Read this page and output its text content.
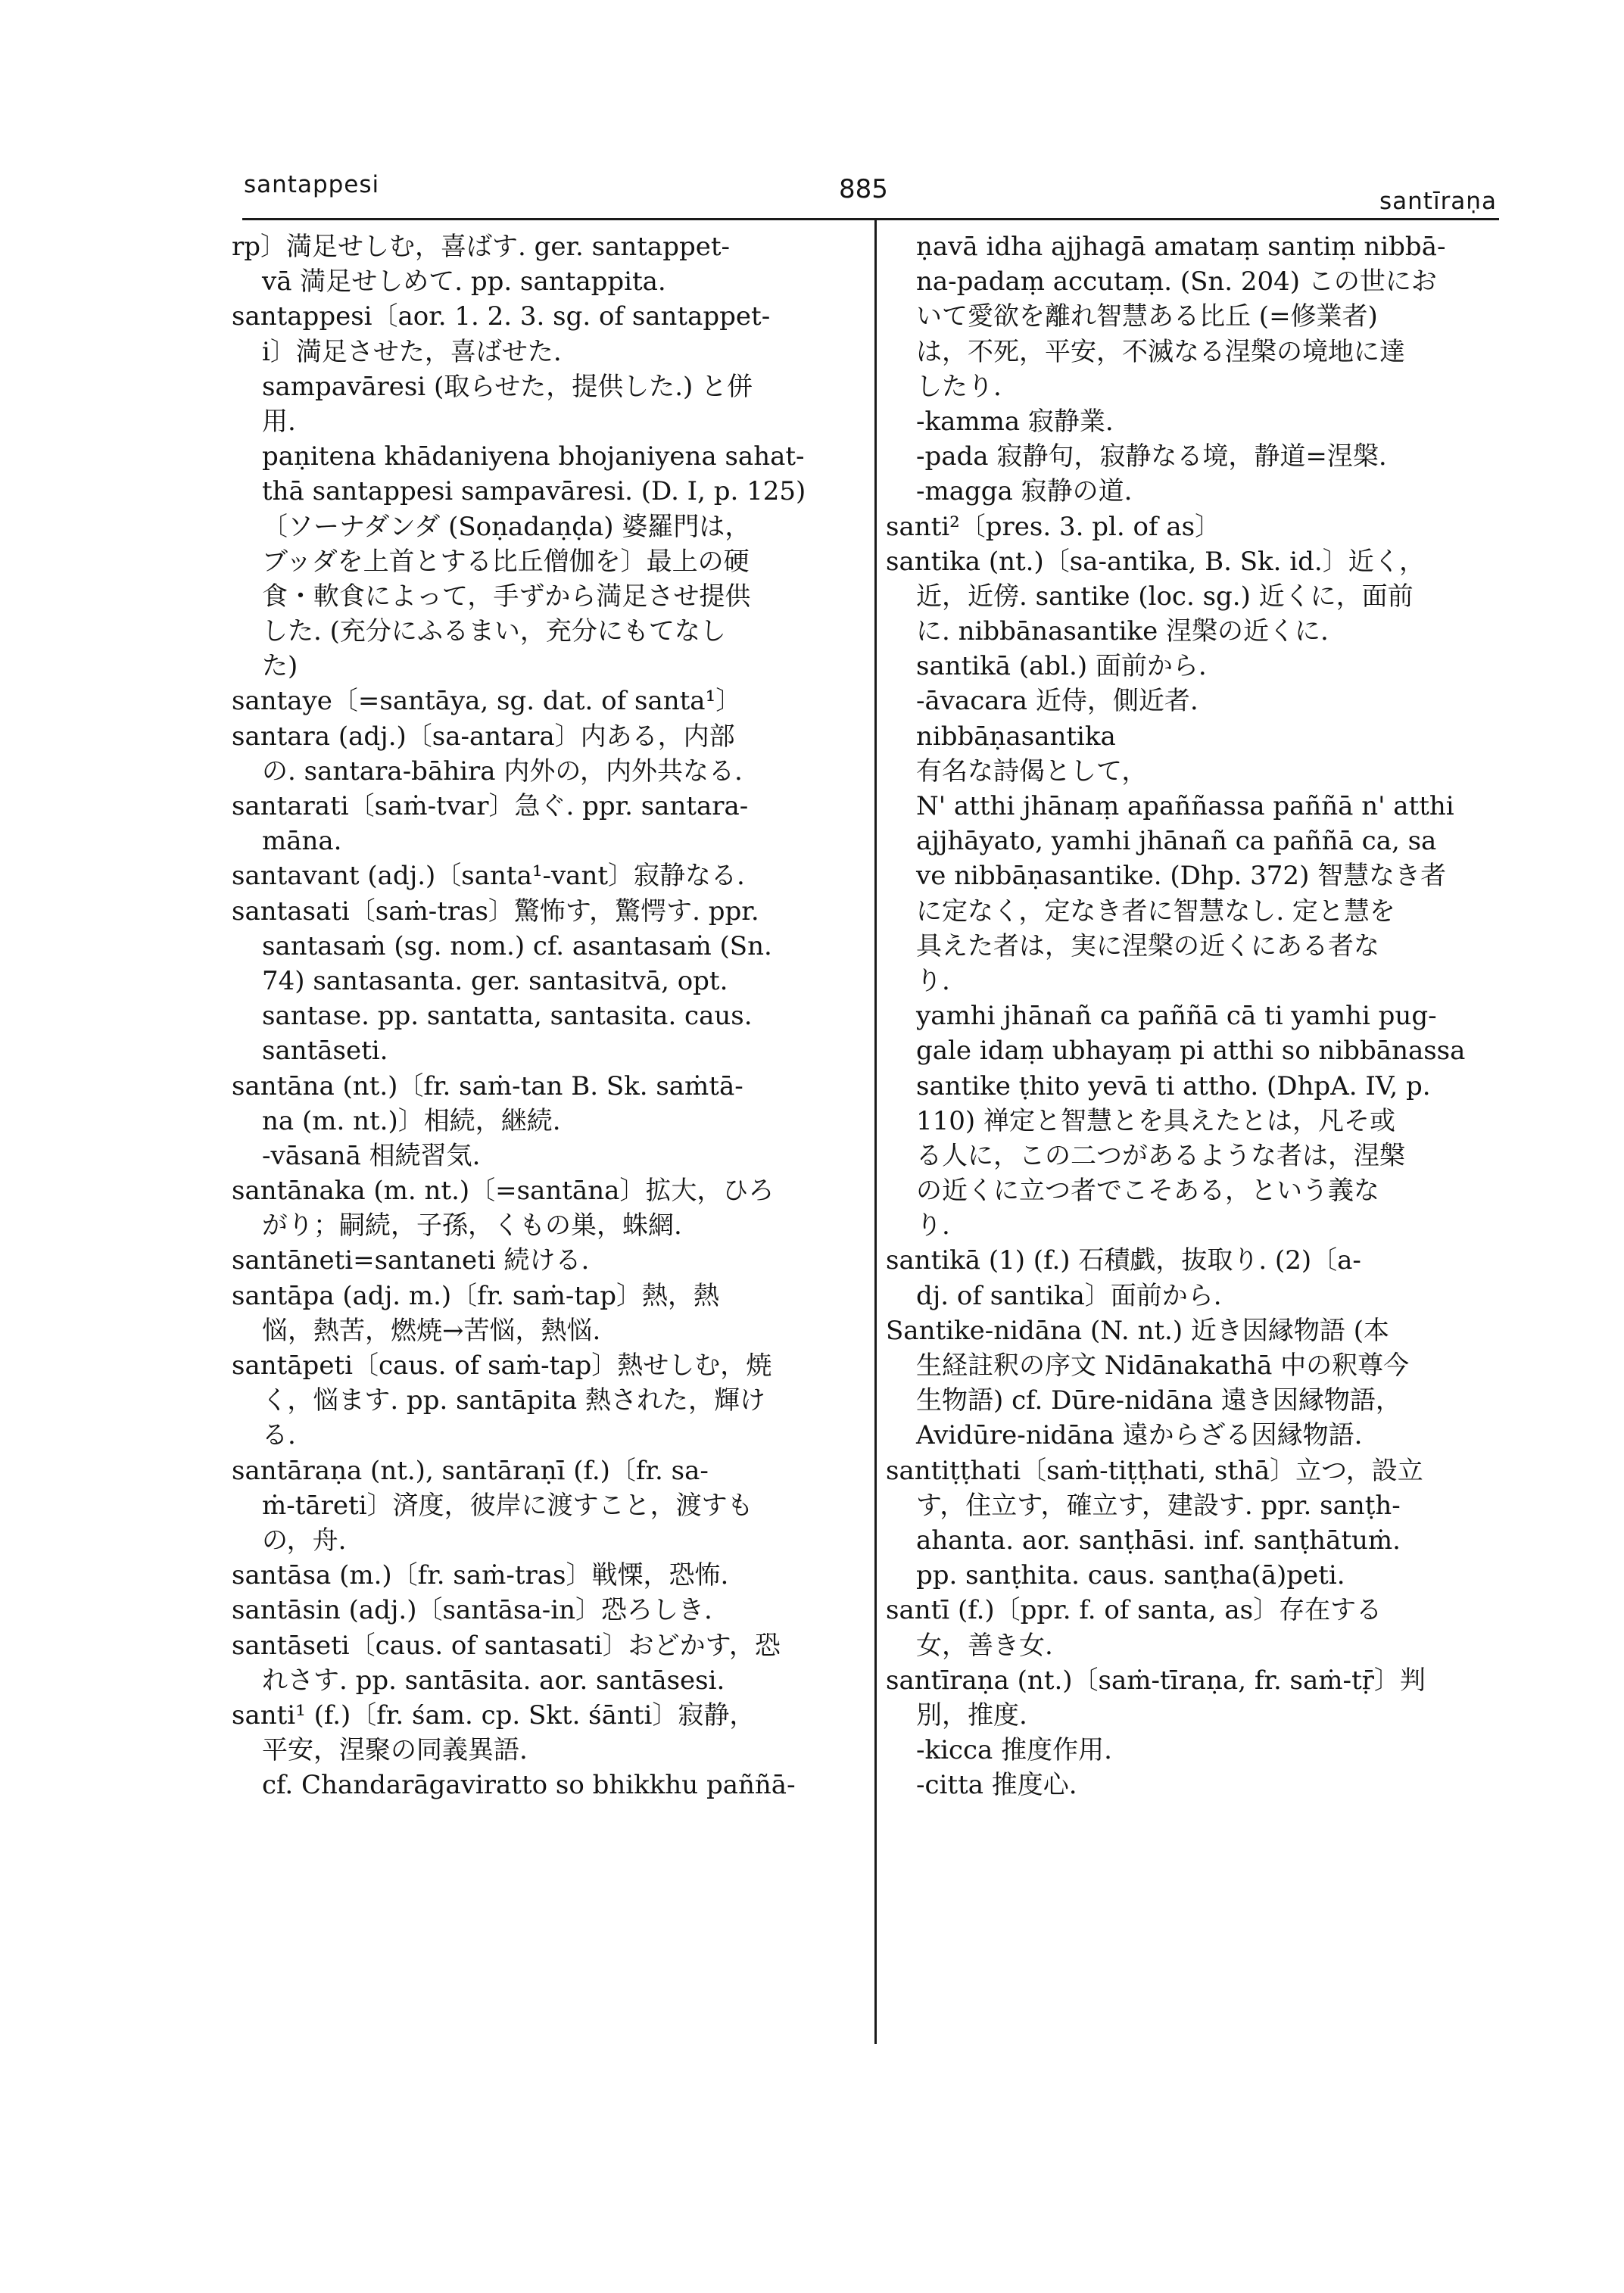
santappesi	885	santīraṇa
rp〕満足せしむ，喜ばす. ger. santappet-
vā 満足せしめて. pp. santappita.
santappesi〔aor. 1. 2. 3. sg. of santappet-
i〕満足させた，喜ばせた.
sampavāresi (取らせた，提供した.) と併
用.
paṇitena khādaniyena bhojaniyena sahat-
thā santappesi sampavāresi. (D. I, p. 125)
〔ソーナダンダ (Soṇadaṇḍa) 婆羅門は，
ブッダを上首とする比丘僧伽を〕最上の硬
食・軟食によって，手ずから満足させ提供
した. (充分にふるまい，充分にもてなし
た)
santaye〔=santāya, sg. dat. of santa¹〕
santara (adj.)〔sa-antara〕内ある，内部
の. santara-bāhira 内外の，内外共なる.
santarati〔saṁ-tvar〕急ぐ. ppr. santara-
māna.
santavant (adj.)〔santa¹-vant〕寂静なる.
santasati〔saṁ-tras〕驚怖す，驚愕す. ppr.
santasaṁ (sg. nom.) cf. asantasaṁ (Sn.
74) santasanta. ger. santasitvā, opt.
santase. pp. santatta, santasita. caus.
santāseti.
santāna (nt.)〔fr. saṁ-tan B. Sk. saṁtā-
na (m. nt.)〕相続，継続.
-vāsanā 相続習気.
santānaka (m. nt.)〔=santāna〕拡大，ひろ
がり；嗣続，子孫，くもの巣，蛛網.
santāneti=santaneti 続ける.
santāpa (adj. m.)〔fr. saṁ-tap〕熱，熱
悩，熱苦，燃焼→苦悩，熱悩.
santāpeti〔caus. of saṁ-tap〕熱せしむ，焼
く，悩ます. pp. santāpita 熱された，輝け
る.
santāraṇa (nt.), santāraṇī (f.)〔fr. sa-
ṁ-tāreti〕済度，彼岸に渡すこと，渡すも
の，舟.
santāsa (m.)〔fr. saṁ-tras〕戦慄，恐怖.
santāsin (adj.)〔santāsa-in〕恐ろしき.
santāseti〔caus. of santasati〕おどかす，恐
れさす. pp. santāsita. aor. santāsesi.
santi¹ (f.)〔fr. śam. cp. Skt. śānti〕寂静，
平安，涅聚の同義異語.
cf. Chandarāgaviratto so bhikkhu paññā-
ṇavā idha ajjhagā amataṃ santiṃ nibbā-
na-padaṃ accutaṃ. (Sn. 204) この世にお
いて愛欲を離れ智慧ある比丘 (=修業者)
は，不死，平安，不滅なる涅槃の境地に達
したり.
-kamma 寂静業.
-pada 寂静句，寂静なる境，静道=涅槃.
-magga 寂静の道.
santi²〔pres. 3. pl. of as〕
santika (nt.)〔sa-antika, B. Sk. id.〕近く，
近，近傍. santike (loc. sg.) 近くに，面前
に. nibbānasantike 涅槃の近くに.
santikā (abl.) 面前から.
-āvacara 近侍，側近者.
nibbāṇasantika
有名な詩偈として，
N' atthi jhānaṃ apaññassa paññā n' atthi
ajjhāyato, yamhi jhānañ ca paññā ca, sa
ve nibbāṇasantike. (Dhp. 372) 智慧なき者
に定なく，定なき者に智慧なし. 定と慧を
具えた者は，実に涅槃の近くにある者な
り.
yamhi jhānañ ca paññā cā ti yamhi pug-
gale idaṃ ubhayaṃ pi atthi so nibbānassa
santike ṭhito yevā ti attho. (DhpA. IV, p.
110) 禅定と智慧とを具えたとは，凡そ或
る人に，この二つがあるような者は，涅槃
の近くに立つ者でこそある，という義な
り.
santikā (1) (f.) 石積戯，抜取り. (2)〔a-
dj. of santika〕面前から.
Santike-nidāna (N. nt.) 近き因縁物語 (本
生経註釈の序文 Nidānakathā 中の釈尊今
生物語) cf. Dūre-nidāna 遠き因縁物語，
Avidūre-nidāna 遠からざる因縁物語.
santiṭṭhati〔saṁ-tiṭṭhati, sthā〕立つ，設立
す，住立す，確立す，建設す. ppr. sanṭh-
ahanta. aor. sanṭhāsi. inf. sanṭhātuṁ.
pp. sanṭhita. caus. sanṭha(ā)peti.
santī (f.)〔ppr. f. of santa, as〕存在する
女，善き女.
santīraṇa (nt.)〔saṁ-tīraṇa, fr. saṁ-tṝ〕判
別，推度.
-kicca 推度作用.
-citta 推度心.
